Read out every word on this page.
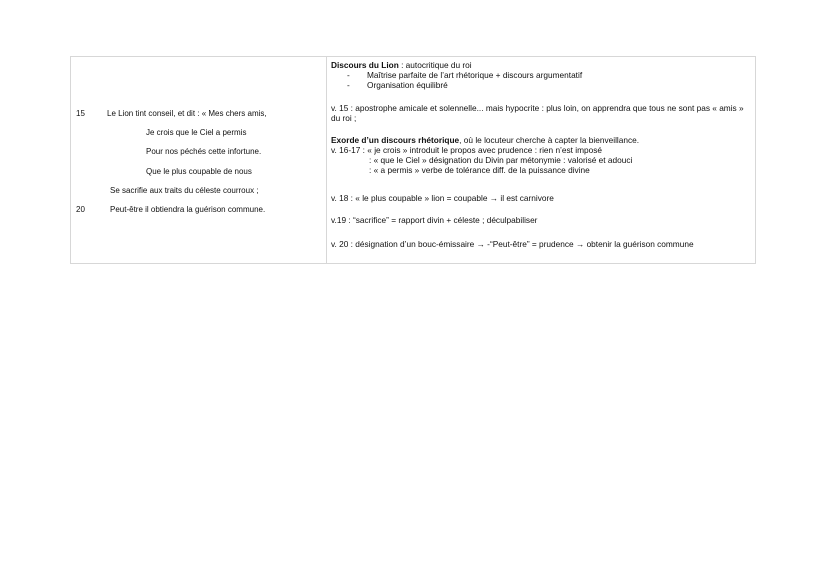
15	Le Lion tint conseil, et dit : « Mes chers amis,
Je crois que le Ciel a permis
Pour nos péchés cette infortune.
Que le plus coupable de nous
Se sacrifie aux traits du céleste courroux ;
20	Peut-être il obtiendra la guérison commune.
Discours du Lion : autocritique du roi
-	Maîtrise parfaite de l’art rhétorique + discours argumentatif
-	Organisation équilibré
v. 15 : apostrophe amicale et solennelle... mais hypocrite : plus loin, on apprendra que tous ne sont pas « amis » du roi ;
Exorde d’un discours rhétorique, où le locuteur cherche à capter la bienveillance.
v. 16-17 : « je crois » introduit le propos avec prudence : rien n’est imposé
: « que le Ciel » désignation du Divin par métonymie : valorisé et adouci
: « a permis » verbe de tolérance diff. de la puissance divine
v. 18 : « le plus coupable » lion = coupable → il est carnivore
v.19 : “sacrifice” = rapport divin + céleste ; déculpabiliser
v. 20 : désignation d’un bouc-émissaire → -“Peut-être” = prudence → obtenir la guérison commune
